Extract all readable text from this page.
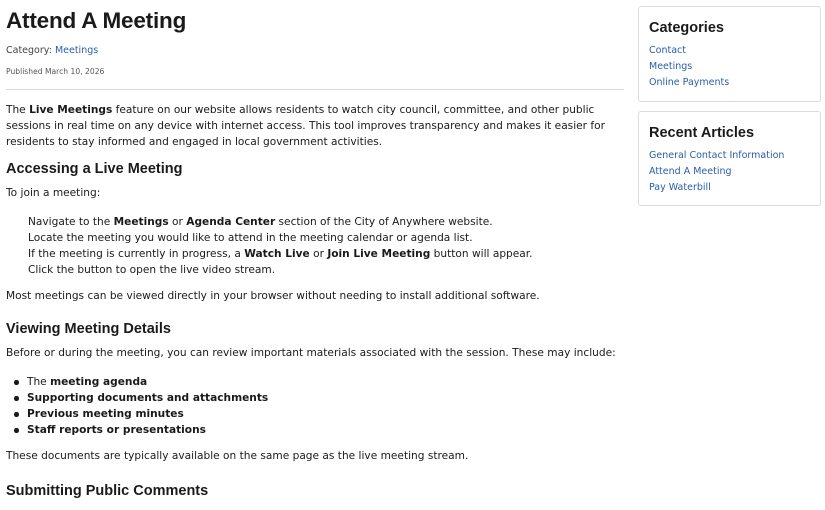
Attend A Meeting
Category: Meetings
Published March 10, 2026

The Live Meetings feature on our website allows residents to watch city council, committee, and other public sessions in real time on any device with internet access. This tool improves transparency and makes it easier for residents to stay informed and engaged in local government activities.

Accessing a Live Meeting

To join a meeting:

Navigate to the Meetings or Agenda Center section of the City of Anywhere website.
Locate the meeting you would like to attend in the meeting calendar or agenda list.
If the meeting is currently in progress, a Watch Live or Join Live Meeting button will appear.
Click the button to open the live video stream.

Most meetings can be viewed directly in your browser without needing to install additional software.

Viewing Meeting Details

Before or during the meeting, you can review important materials associated with the session. These may include:

The meeting agenda
Supporting documents and attachments
Previous meeting minutes
Staff reports or presentations

These documents are typically available on the same page as the live meeting stream.

Submitting Public Comments
Categories
Contact
Meetings
Online Payments
Recent Articles
General Contact Information
Attend A Meeting
Pay Waterbill
